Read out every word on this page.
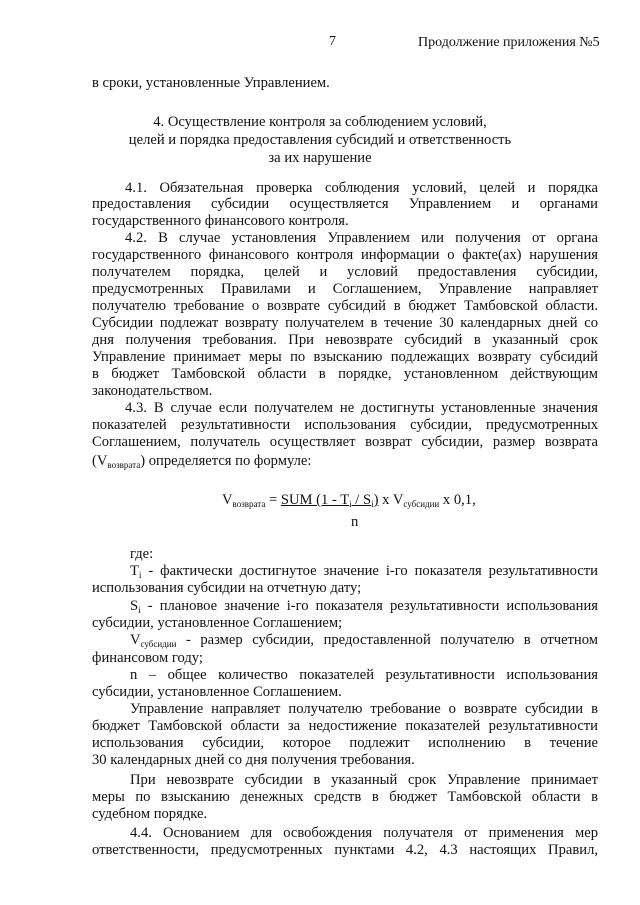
7	Продолжение приложения №5
в сроки, установленные Управлением.
4. Осуществление контроля за соблюдением условий,
целей и порядка предоставления субсидий и ответственность
за их нарушение
4.1. Обязательная проверка соблюдения условий, целей и порядка
предоставления субсидии осуществляется Управлением и органами
государственного финансового контроля.
4.2. В случае установления Управлением или получения от органа
государственного финансового контроля информации о факте(ах) нарушения
получателем порядка, целей и условий предоставления субсидии,
предусмотренных Правилами и Соглашением, Управление направляет
получателю требование о возврате субсидий в бюджет Тамбовской области.
Субсидии подлежат возврату получателем в течение 30 календарных дней со
дня получения требования. При невозврате субсидий в указанный срок
Управление принимает меры по взысканию подлежащих возврату субсидий
в бюджет Тамбовской области в порядке, установленном действующим
законодательством.
4.3. В случае если получателем не достигнуты установленные значения
показателей результативности использования субсидии, предусмотренных
Соглашением, получатель осуществляет возврат субсидии, размер возврата
$(V_{возврата})$ определяется по формуле:
$V_{возврата}$ = SUM $(1 - T_i / S_i)$ x $V_{субсидии}$ x 0,1,
n
где:
$T_i$ - фактически достигнутое значение i-го показателя результативности
использования субсидии на отчетную дату;
$S_i$ - плановое значение i-го показателя результативности использования
субсидии, установленное Соглашением;
$V_{субсидии}$ - размер субсидии, предоставленной получателю в отчетном
финансовом году;
n – общее количество показателей результативности использования
субсидии, установленное Соглашением.
Управление направляет получателю требование о возврате субсидии в
бюджет Тамбовской области за недостижение показателей результативности
использования субсидии, которое подлежит исполнению в течение
30 календарных дней со дня получения требования.
При невозврате субсидии в указанный срок Управление принимает
меры по взысканию денежных средств в бюджет Тамбовской области в
судебном порядке.
4.4. Основанием для освобождения получателя от применения мер
ответственности, предусмотренных пунктами 4.2, 4.3 настоящих Правил,
